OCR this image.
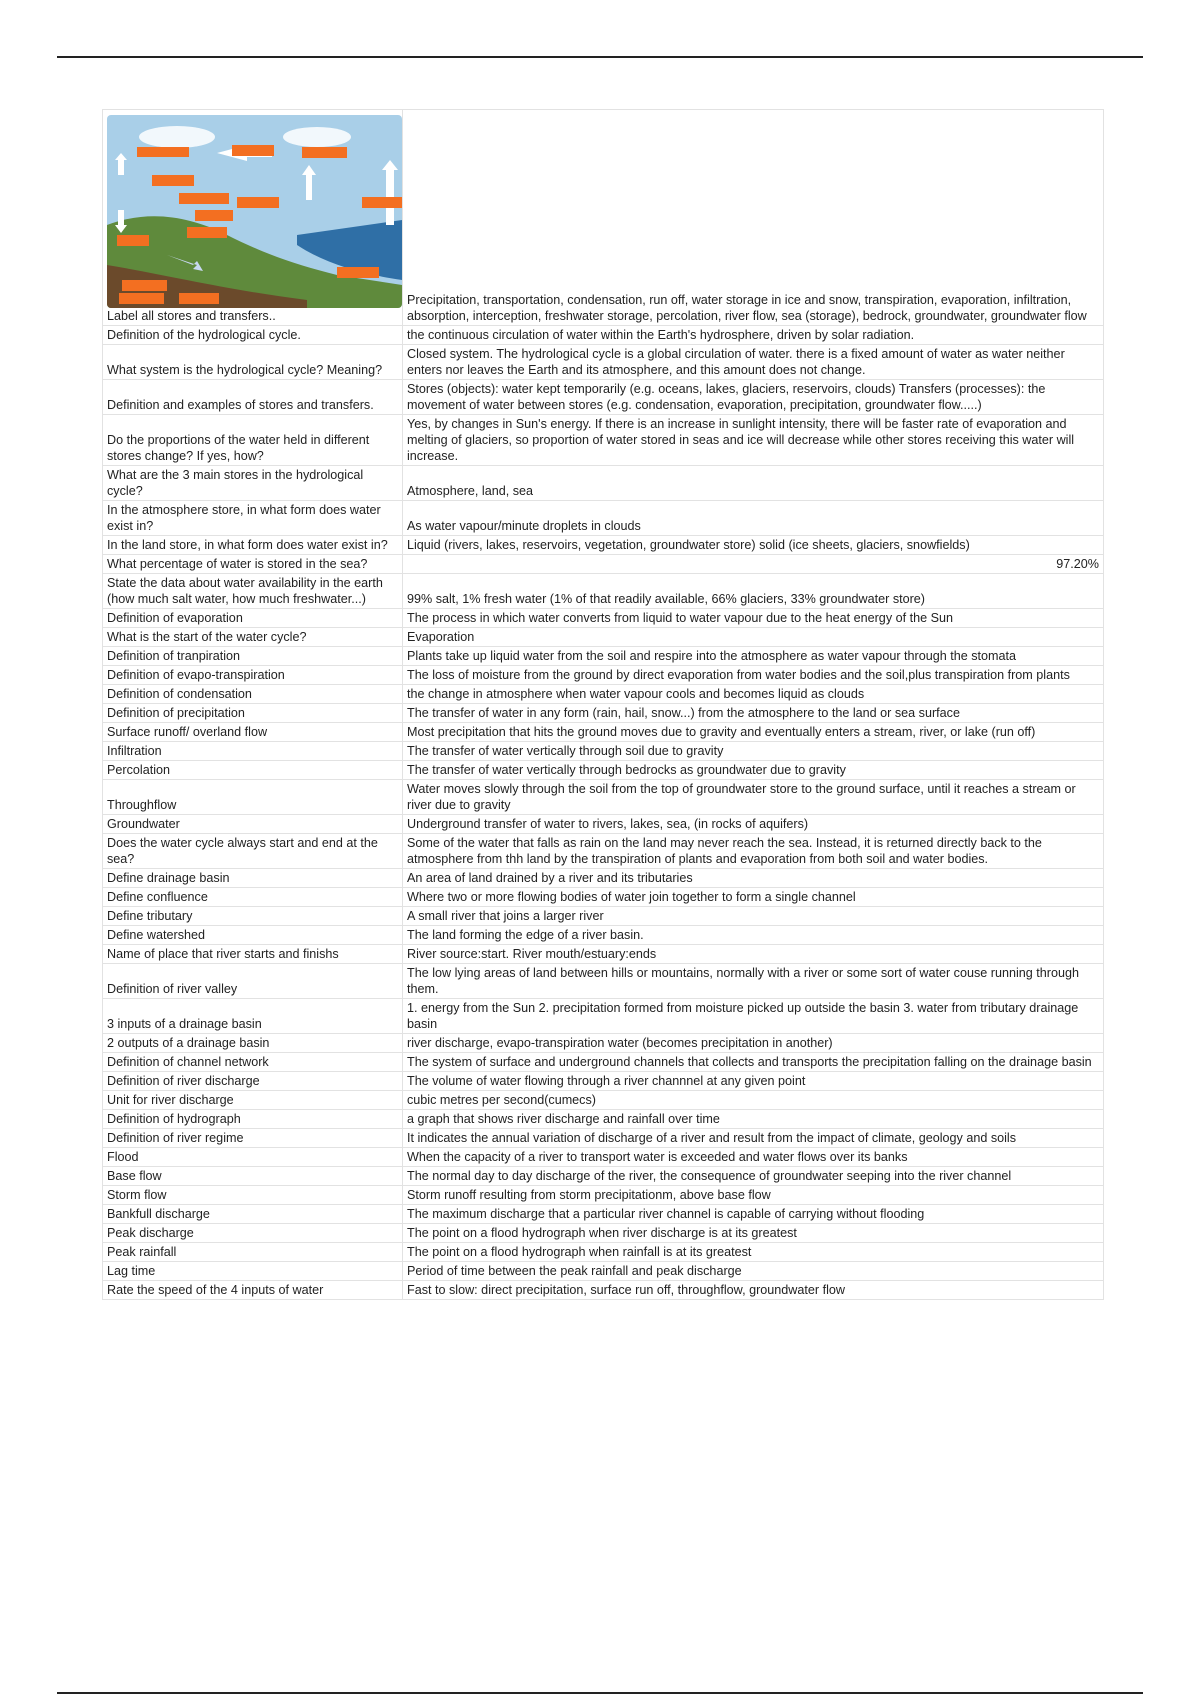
Label all stores and transfers..	Precipitation, transportation, condensation, run off, water storage in ice and snow, transpiration, evaporation, infiltration, absorption, interception, freshwater storage, percolation, river flow, sea (storage), bedrock, groundwater, groundwater flow
Definition of the hydrological cycle.	the continuous circulation of water within the Earth's hydrosphere, driven by solar radiation.
What system is the hydrological cycle? Meaning?	Closed system. The hydrological cycle is a global circulation of water. there is a fixed amount of water as water neither enters nor leaves the Earth and its atmosphere, and this amount does not change.
Definition and examples of stores and transfers.	Stores (objects): water kept temporarily (e.g. oceans, lakes, glaciers, reservoirs, clouds) Transfers (processes): the movement of water between stores (e.g. condensation, evaporation, precipitation, groundwater flow.....)
Do the proportions of the water held in different stores change? If yes, how?	Yes, by changes in Sun's energy. If there is an increase in sunlight intensity, there will be faster rate of evaporation and melting of glaciers, so proportion of water stored in seas and ice will decrease while other stores receiving this water will increase.
What are the 3 main stores in the hydrological cycle?	Atmosphere, land, sea
In the atmosphere store, in what form does water exist in?	As water vapour/minute droplets in clouds
In the land store, in what form does water exist in?	Liquid (rivers, lakes, reservoirs, vegetation, groundwater store) solid (ice sheets, glaciers, snowfields)
What percentage of water is stored in the sea?	97.20%
State the data about water availability in the earth (how much salt water, how much freshwater...)	99% salt, 1% fresh water (1% of that readily available, 66% glaciers, 33% groundwater store)
Definition of evaporation	The process in which water converts from liquid to water vapour due to the heat energy of the Sun
What is the start of the water cycle?	Evaporation
Definition of tranpiration	Plants take up liquid water from the soil and respire into the atmosphere as water vapour through the stomata
Definition of evapo-transpiration	The loss of moisture from the ground by direct evaporation from water bodies and the soil,plus transpiration from plants
Definition of condensation	the change in atmosphere when water vapour cools and becomes liquid as clouds
Definition of precipitation	The transfer of water in any form (rain, hail, snow...) from the atmosphere to the land or sea surface
Surface runoff/ overland flow	Most precipitation that hits the ground moves due to gravity and eventually enters a stream, river, or lake (run off)
Infiltration	The transfer of water vertically through soil due to gravity
Percolation	The transfer of water vertically through bedrocks as groundwater due to gravity
Throughflow	Water moves slowly through the soil from the top of groundwater store to the ground surface, until it reaches a stream or river due to gravity
Groundwater	Underground transfer of water to rivers, lakes, sea, (in rocks of aquifers)
Does the water cycle always start and end at the sea?	Some of the water that falls as rain on the land may never reach the sea. Instead, it is returned directly back to the atmosphere from thh land by the transpiration of plants and evaporation from both soil and water bodies.
Define drainage basin	An area of land drained by a river and its tributaries
Define confluence	Where two or more flowing bodies of water join together to form a single channel
Define tributary	A small river that joins a larger river
Define watershed	The land forming the edge of a river basin.
Name of place that river starts and finishs	River source:start. River mouth/estuary:ends
Definition of river valley	The low lying areas of land between hills or mountains, normally with a river or some sort of water couse running through them.
3 inputs of a drainage basin	1. energy from the Sun 2. precipitation formed from moisture picked up outside the basin 3. water from tributary drainage basin
2 outputs of a drainage basin	river discharge, evapo-transpiration water (becomes precipitation in another)
Definition of channel network	The system of surface and underground channels that collects and transports the precipitation falling on the drainage basin
Definition of river discharge	The volume of water flowing through a river channnel at any given point
Unit for river discharge	cubic metres per second(cumecs)
Definition of hydrograph	a graph that shows river discharge and rainfall over time
Definition of river regime	It indicates the annual variation of discharge of a river and result from the impact of climate, geology and soils
Flood	When the capacity of a river to transport water is exceeded and water flows over its banks
Base flow	The normal day to day discharge of the river, the consequence of groundwater seeping into the river channel
Storm flow	Storm runoff resulting from storm precipitationm, above base flow
Bankfull discharge	The maximum discharge that a particular river channel is capable of carrying without flooding
Peak discharge	The point on a flood hydrograph when river discharge is at its greatest
Peak rainfall	The point on a flood hydrograph when rainfall is at its greatest
Lag time	Period of time between the peak rainfall and peak discharge
Rate the speed of the 4 inputs of water	Fast to slow: direct precipitation, surface run off, throughflow, groundwater flow
